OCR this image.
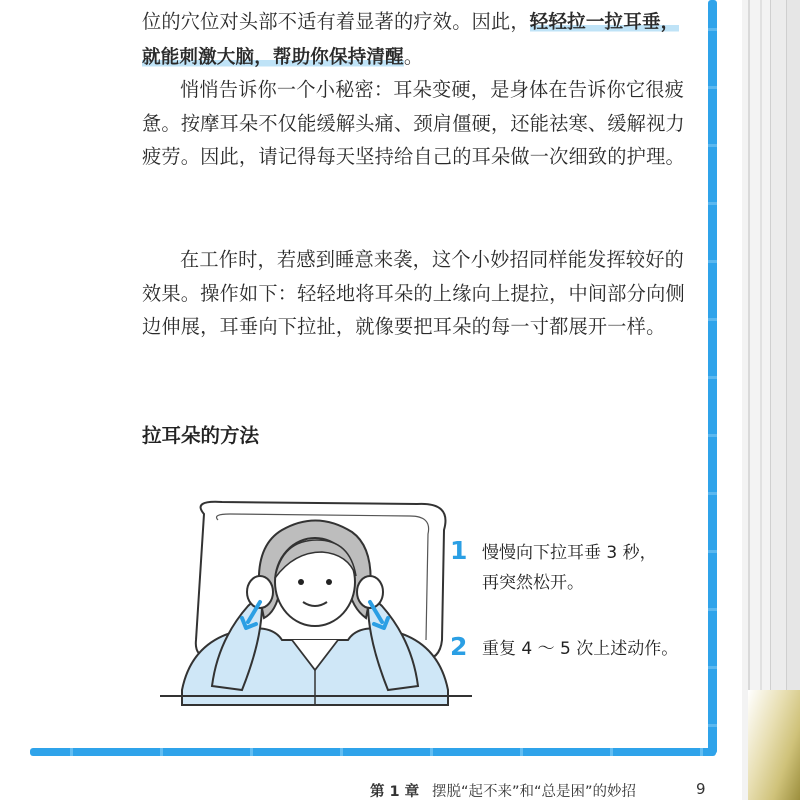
位的穴位对头部不适有着显著的疗效。因此，轻轻拉一拉耳垂，就能刺激大脑，帮助你保持清醒。

悄悄告诉你一个小秘密：耳朵变硬，是身体在告诉你它很疲惫。按摩耳朵不仅能缓解头痛、颈肩僵硬，还能祛寒、缓解视力疲劳。因此，请记得每天坚持给自己的耳朵做一次细致的护理。

在工作时，若感到睡意来袭，这个小妙招同样能发挥较好的效果。操作如下：轻轻地将耳朵的上缘向上提拉，中间部分向侧边伸展，耳垂向下拉扯，就像要把耳朵的每一寸都展开一样。

拉耳朵的方法

1 慢慢向下拉耳垂 3 秒，再突然松开。

2 重复 4 ～ 5 次上述动作。

第 1 章 摆脱“起不来”和“总是困”的妙招	9
